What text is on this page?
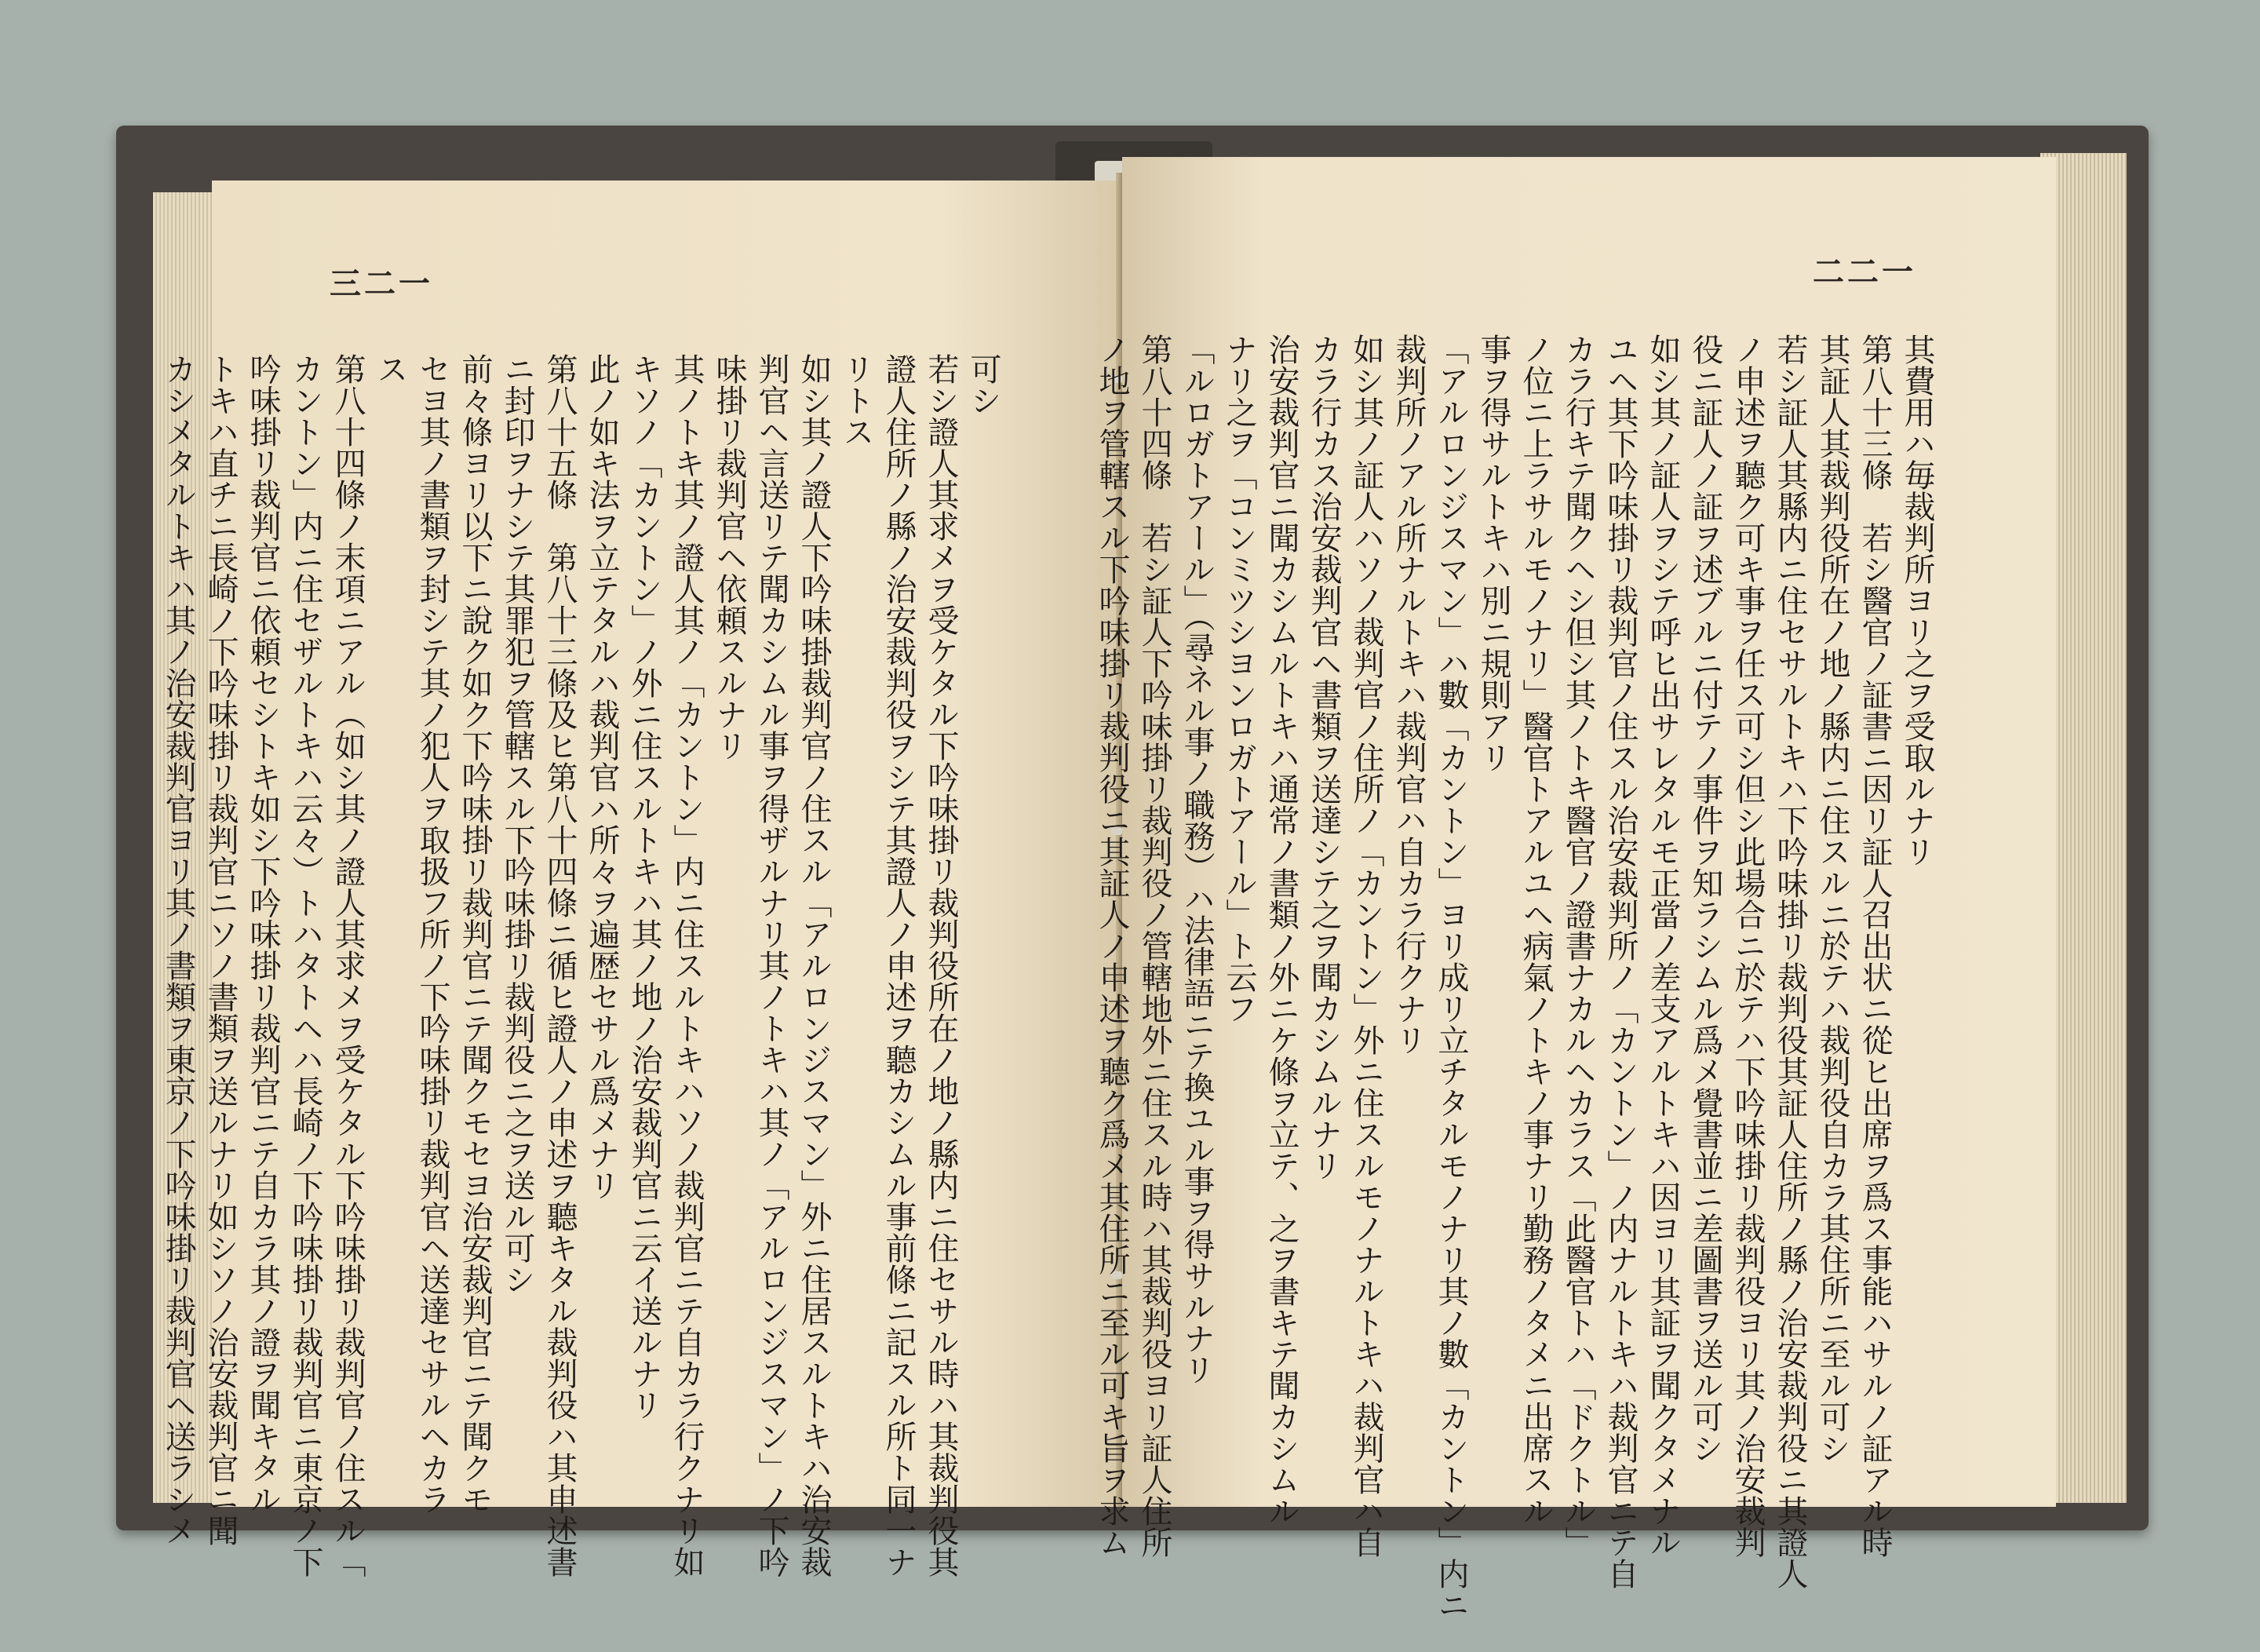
三二一
可シ
若シ證人其求メヲ受ケタル下吟味掛リ裁判役所在ノ地ノ縣内ニ住セサル時ハ其裁判役其
證人住所ノ縣ノ治安裁判役ヲシテ其證人ノ申述ヲ聽カシムル事前條ニ記スル所ト同一ナ
リトス
如シ其ノ證人下吟味掛裁判官ノ住スル「アルロンジスマン」外ニ住居スルトキハ治安裁
判官ヘ言送リテ聞カシムル事ヲ得ザルナリ其ノトキハ其ノ「アルロンジスマン」ノ下吟
味掛リ裁判官ヘ依頼スルナリ
其ノトキ其ノ證人其ノ「カントン」内ニ住スルトキハソノ裁判官ニテ自カラ行クナリ如
キソノ「カントン」ノ外ニ住スルトキハ其ノ地ノ治安裁判官ニ云イ送ルナリ
此ノ如キ法ヲ立テタルハ裁判官ハ所々ヲ遍歴セサル爲メナリ
第八十五條　第八十三條及ヒ第八十四條ニ循ヒ證人ノ申述ヲ聽キタル裁判役ハ其申述書
ニ封印ヲナシテ其罪犯ヲ管轄スル下吟味掛リ裁判役ニ之ヲ送ル可シ
前々條ヨリ以下ニ說ク如ク下吟味掛リ裁判官ニテ聞クモセヨ治安裁判官ニテ聞クモ
セヨ其ノ書類ヲ封シテ其ノ犯人ヲ取扱フ所ノ下吟味掛リ裁判官ヘ送達セサルヘカラ
ス
第八十四條ノ末項ニアル（如シ其ノ證人其求メヲ受ケタル下吟味掛リ裁判官ノ住スル「
カントン」内ニ住セザルトキハ云々）トハタトヘハ長崎ノ下吟味掛リ裁判官ニ東京ノ下
吟味掛リ裁判官ニ依頼セシトキ如シ下吟味掛リ裁判官ニテ自カラ其ノ證ヲ聞キタル
トキハ直チニ長崎ノ下吟味掛リ裁判官ニソノ書類ヲ送ルナリ如シソノ治安裁判官ニ聞
カシメタルトキハ其ノ治安裁判官ヨリ其ノ書類ヲ東京ノ下吟味掛リ裁判官ヘ送ラシメ
二二一
其費用ハ毎裁判所ヨリ之ヲ受取ルナリ
第八十三條　若シ醫官ノ証書ニ因リ証人召出状ニ從ヒ出席ヲ爲ス事能ハサルノ証アル時
其証人其裁判役所在ノ地ノ縣内ニ住スルニ於テハ裁判役自カラ其住所ニ至ル可シ
若シ証人其縣内ニ住セサルトキハ下吟味掛リ裁判役其証人住所ノ縣ノ治安裁判役ニ其證人
ノ申述ヲ聽ク可キ事ヲ任ス可シ但シ此場合ニ於テハ下吟味掛リ裁判役ヨリ其ノ治安裁判
役ニ証人ノ証ヲ述ブルニ付テノ事件ヲ知ラシムル爲メ覺書並ニ差圖書ヲ送ル可シ
如シ其ノ証人ヲシテ呼ヒ出サレタルモ正當ノ差支アルトキハ因ヨリ其証ヲ聞クタメナル
ユヘ其下吟味掛リ裁判官ノ住スル治安裁判所ノ「カントン」ノ内ナルトキハ裁判官ニテ自
カラ行キテ聞クヘシ但シ其ノトキ醫官ノ證書ナカルヘカラス「此醫官トハ「ドクトル」
ノ位ニ上ラサルモノナリ」醫官トアルユヘ病氣ノトキノ事ナリ勤務ノタメニ出席スル
事ヲ得サルトキハ別ニ規則アリ
「アルロンジスマン」ハ數「カントン」ヨリ成リ立チタルモノナリ其ノ數「カントン」内ニ
裁判所ノアル所ナルトキハ裁判官ハ自カラ行クナリ
如シ其ノ証人ハソノ裁判官ノ住所ノ「カントン」外ニ住スルモノナルトキハ裁判官ハ自
カラ行カス治安裁判官ヘ書類ヲ送達シテ之ヲ聞カシムルナリ
治安裁判官ニ聞カシムルトキハ通常ノ書類ノ外ニケ條ヲ立テ、之ヲ書キテ聞カシムル
ナリ之ヲ「コンミツシヨンロガトアール」ト云フ
「ルロガトアール」（尋ネル事ノ職務）ハ法律語ニテ換ユル事ヲ得サルナリ
第八十四條　若シ証人下吟味掛リ裁判役ノ管轄地外ニ住スル時ハ其裁判役ヨリ証人住所
ノ地ヲ管轄スル下吟味掛リ裁判役ニ其証人ノ申述ヲ聽ク爲メ其住所ニ至ル可キ旨ヲ求ム
